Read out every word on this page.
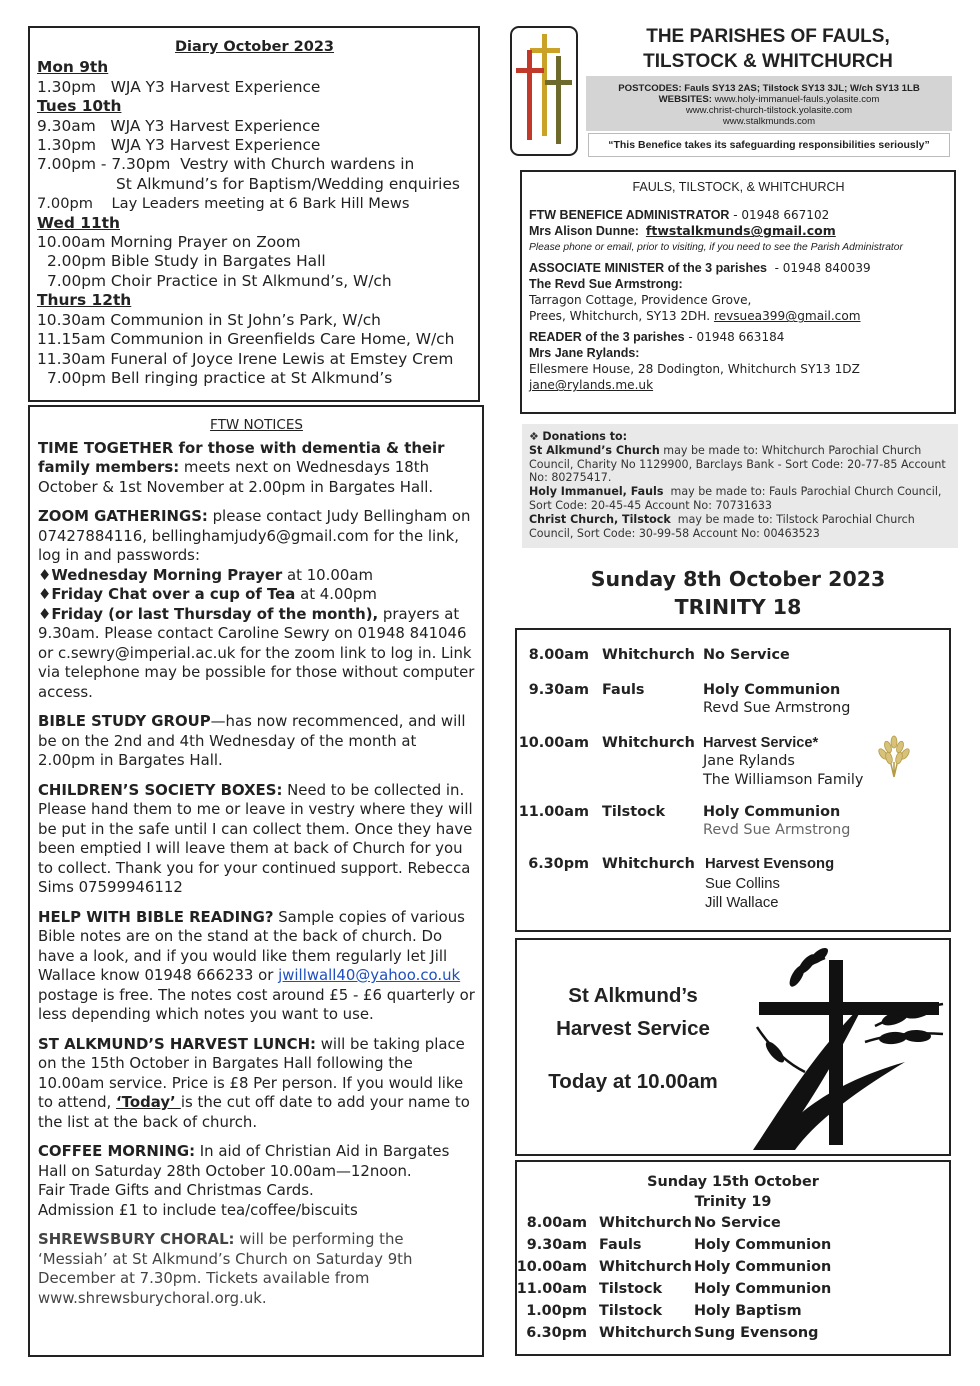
Diary October 2023
Mon 9th
1.30pm   WJA Y3 Harvest Experience
Tues 10th
9.30am   WJA Y3 Harvest Experience
1.30pm   WJA Y3 Harvest Experience
7.00pm - 7.30pm  Vestry with Church wardens in
St Alkmund’s for Baptism/Wedding enquiries
7.00pm    Lay Leaders meeting at 6 Bark Hill Mews
Wed 11th
10.00am Morning Prayer on Zoom
2.00pm Bible Study in Bargates Hall
7.00pm Choir Practice in St Alkmund’s, W/ch
Thurs 12th
10.30am Communion in St John’s Park, W/ch
11.15am Communion in Greenfields Care Home, W/ch
11.30am Funeral of Joyce Irene Lewis at Emstey Crem
7.00pm Bell ringing practice at St Alkmund’s
FTW NOTICES

TIME TOGETHER for those with dementia & their family members: meets next on Wednesdays 18th October & 1st November at 2.00pm in Bargates Hall.

ZOOM GATHERINGS: please contact Judy Bellingham on 07427884116, bellinghamjudy6@gmail.com for the link, log in and passwords:
♦Wednesday Morning Prayer at 10.00am
♦Friday Chat over a cup of Tea at 4.00pm
♦Friday (or last Thursday of the month), prayers at 9.30am. Please contact Caroline Sewry on 01948 841046 or c.sewry@imperial.ac.uk for the zoom link to log in. Link via telephone may be possible for those without computer access.

BIBLE STUDY GROUP—has now recommenced, and will be on the 2nd and 4th Wednesday of the month at 2.00pm in Bargates Hall.

CHILDREN’S SOCIETY BOXES: Need to be collected in. Please hand them to me or leave in vestry where they will be put in the safe until I can collect them. Once they have been emptied I will leave them at back of Church for you to collect. Thank you for your continued support. Rebecca Sims 07599946112

HELP WITH BIBLE READING? Sample copies of various Bible notes are on the stand at the back of church. Do have a look, and if you would like them regularly let Jill Wallace know 01948 666233 or jwillwall40@yahoo.co.uk postage is free. The notes cost around £5 - £6 quarterly or less depending which notes you want to use.

ST ALKMUND’S HARVEST LUNCH: will be taking place on the 15th October in Bargates Hall following the 10.00am service. Price is £8 Per person. If you would like to attend, ‘Today’ is the cut off date to add your name to the list at the back of church.

COFFEE MORNING: In aid of Christian Aid in Bargates Hall on Saturday 28th October 10.00am—12noon.
Fair Trade Gifts and Christmas Cards.
Admission £1 to include tea/coffee/biscuits

SHREWSBURY CHORAL: will be performing the ‘Messiah’ at St Alkmund’s Church on Saturday 9th December at 7.30pm. Tickets available from www.shrewsburychoral.org.uk.

THE PARISHES OF FAULS,
TILSTOCK & WHITCHURCH
POSTCODES: Fauls SY13 2AS; Tilstock SY13 3JL; W/ch SY13 1LB
WEBSITES: www.holy-immanuel-fauls.yolasite.com
www.christ-church-tilstock.yolasite.com
www.stalkmunds.com
“This Benefice takes its safeguarding responsibilities seriously”
FAULS, TILSTOCK, & WHITCHURCH
FTW BENEFICE ADMINISTRATOR - 01948 667102
Mrs Alison Dunne: ftwstalkmunds@gmail.com
Please phone or email, prior to visiting, if you need to see the Parish Administrator
ASSOCIATE MINISTER of the 3 parishes  - 01948 840039
The Revd Sue Armstrong:
Tarragon Cottage, Providence Grove,
Prees, Whitchurch, SY13 2DH. revsuea399@gmail.com
READER of the 3 parishes - 01948 663184
Mrs Jane Rylands:
Ellesmere House, 28 Dodington, Whitchurch SY13 1DZ
jane@rylands.me.uk
❖ Donations to:
St Alkmund’s Church may be made to: Whitchurch Parochial Church Council, Charity No 1129900, Barclays Bank - Sort Code: 20-77-85 Account No: 80275417.
Holy Immanuel, Fauls  may be made to: Fauls Parochial Church Council, Sort Code: 20-45-45 Account No: 70731633
Christ Church, Tilstock  may be made to: Tilstock Parochial Church Council, Sort Code: 30-99-58 Account No: 00463523
Sunday 8th October 2023
TRINITY 18
8.00am Whitchurch No Service
9.30am Fauls	Holy Communion
Revd Sue Armstrong
10.00am Whitchurch Harvest Service*
Jane Rylands
The Williamson Family
11.00am Tilstock	Holy Communion
Revd Sue Armstrong
6.30pm Whitchurch Harvest Evensong
Sue Collins
Jill Wallace
St Alkmund’s
Harvest Service
Today at 10.00am
Sunday 15th October
Trinity 19
8.00am Whitchurch No Service
9.30am Fauls	Holy Communion
10.00am Whitchurch Holy Communion
11.00am Tilstock Holy Communion
1.00pm Tilstock Holy Baptism
6.30pm Whitchurch Sung Evensong
